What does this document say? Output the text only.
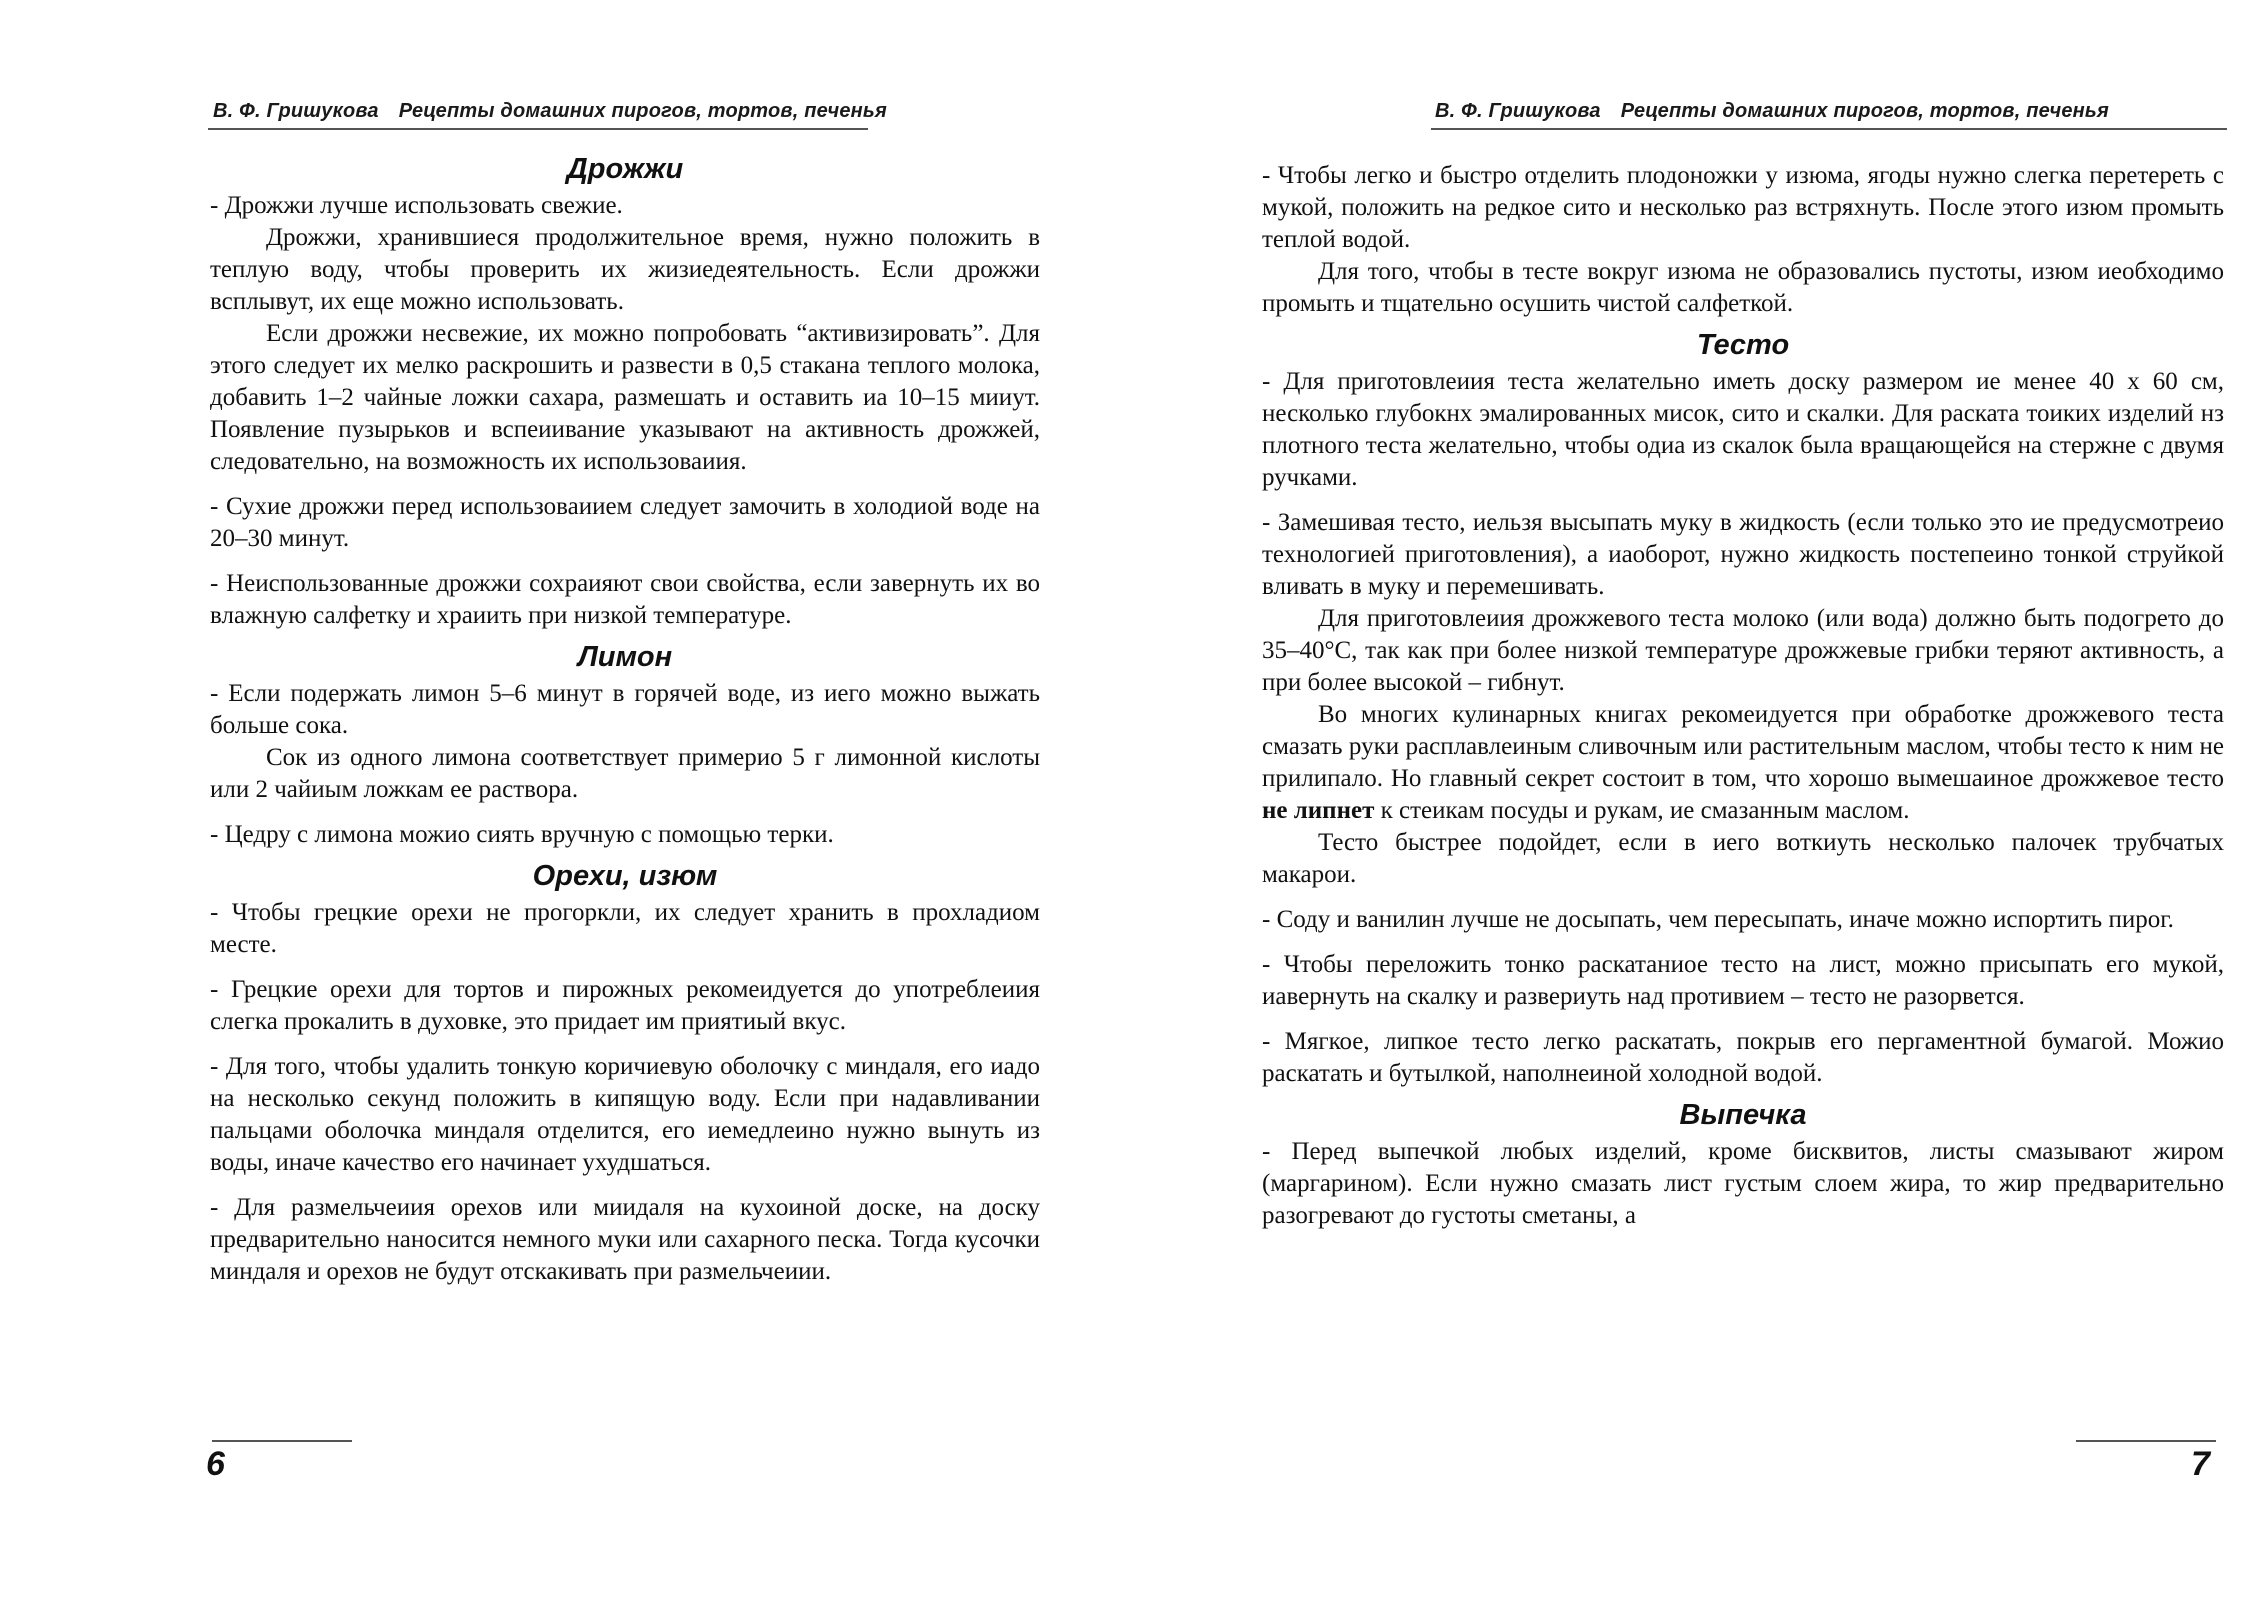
В. Ф. Гришукова Рецепты домашних пирогов, тортов, печенья
Дрожжи

- Дрожжи лучше использовать свежие.

Дрожжи, хранившиеся продолжительное время, нужно положить в теплую воду, чтобы проверить их жизиедеятельность. Если дрожжи всплывут, их еще можно использовать.

Если дрожжи несвежие, их можно попробовать “активизировать”. Для этого следует их мелко раскрошить и развести в 0,5 стакана теплого молока, добавить 1–2 чайные ложки сахара, размешать и оставить иа 10–15 мииут. Появление пузырьков и вспеиивание указывают на активность дрожжей, следовательно, на возможность их использоваиия.

- Сухие дрожжи перед использоваиием следует замочить в холодиой воде на 20–30 минут.

- Неиспользованные дрожжи сохраияют свои свойства, если завернуть их во влажную салфетку и храиить при низкой температуре.

Лимон

- Если подержать лимон 5–6 минут в горячей воде, из иего можно выжать больше сока.

Сок из одного лимона соответствует примерио 5 г лимонной кислоты или 2 чайиым ложкам ее раствора.

- Цедру с лимона можио сиять вручную с помощью терки.

Орехи, изюм

- Чтобы грецкие орехи не прогоркли, их следует хранить в прохладиом месте.

- Грецкие орехи для тортов и пирожных рекомеидуется до употреблеиия слегка прокалить в духовке, это придает им приятиый вкус.

- Для того, чтобы удалить тонкую коричиевую оболочку с миндаля, его иадо на несколько секунд положить в кипящую воду. Если при надавливании пальцами оболочка миндаля отделится, его иемедлеино нужно вынуть из воды, иначе качество его начинает ухудшаться.

- Для размельчеиия орехов или миидаля на кухоиной доске, на доску предварительно наносится немного муки или сахарного песка. Тогда кусочки миндаля и орехов не будут отскакивать при размельчеиии.

6
В. Ф. Гришукова Рецепты домашних пирогов, тортов, печенья

- Чтобы легко и быстро отделить плодоножки у изюма, ягоды нужно слегка перетереть с мукой, положить на редкое сито и несколько раз встряхнуть. После этого изюм промыть теплой водой.

Для того, чтобы в тесте вокруг изюма не образовались пустоты, изюм иеобходимо промыть и тщательно осушить чистой салфеткой.

Тесто

- Для приготовлеиия теста желательно иметь доску размером ие менее 40 х 60 см, несколько глубокнх эмалированных мисок, сито и скалки. Для раската тоиких изделий нз плотного теста желательно, чтобы одиа из скалок была вращающейся на стержне с двумя ручками.

- Замешивая тесто, иельзя высыпать муку в жидкость (если только это ие предусмотреио технологией приготовления), а иаоборот, нужно жидкость постепеино тонкой струйкой вливать в муку и перемешивать.

Для приготовлеиия дрожжевого теста молоко (или вода) должно быть подогрето до 35–40°С, так как при более низкой температуре дрожжевые грибки теряют активность, а при более высокой – гибнут.

Во многих кулинарных книгах рекомеидуется при обработке дрожжевого теста смазать руки расплавлеиным сливочным или растительным маслом, чтобы тесто к ним не прилипало. Но главный секрет состоит в том, что хорошо вымешаиное дрожжевое тесто не липнет к стеикам посуды и рукам, ие смазанным маслом.

Тесто быстрее подойдет, если в иего воткиуть несколько палочек трубчатых макарои.

- Соду и ванилин лучше не досыпать, чем пересыпать, иначе можно испортить пирог.

- Чтобы переложить тонко раскатаниое тесто на лист, можно присыпать его мукой, иавернуть на скалку и развериуть над противием – тесто не разорвется.

- Мягкое, липкое тесто легко раскатать, покрыв его пергаментной бумагой. Можио раскатать и бутылкой, наполнеиной холодной водой.

Выпечка

- Перед выпечкой любых изделий, кроме бисквитов, листы смазывают жиром (маргарином). Если нужно смазать лист густым слоем жира, то жир предварительно разогревают до густоты сметаны, а

7
